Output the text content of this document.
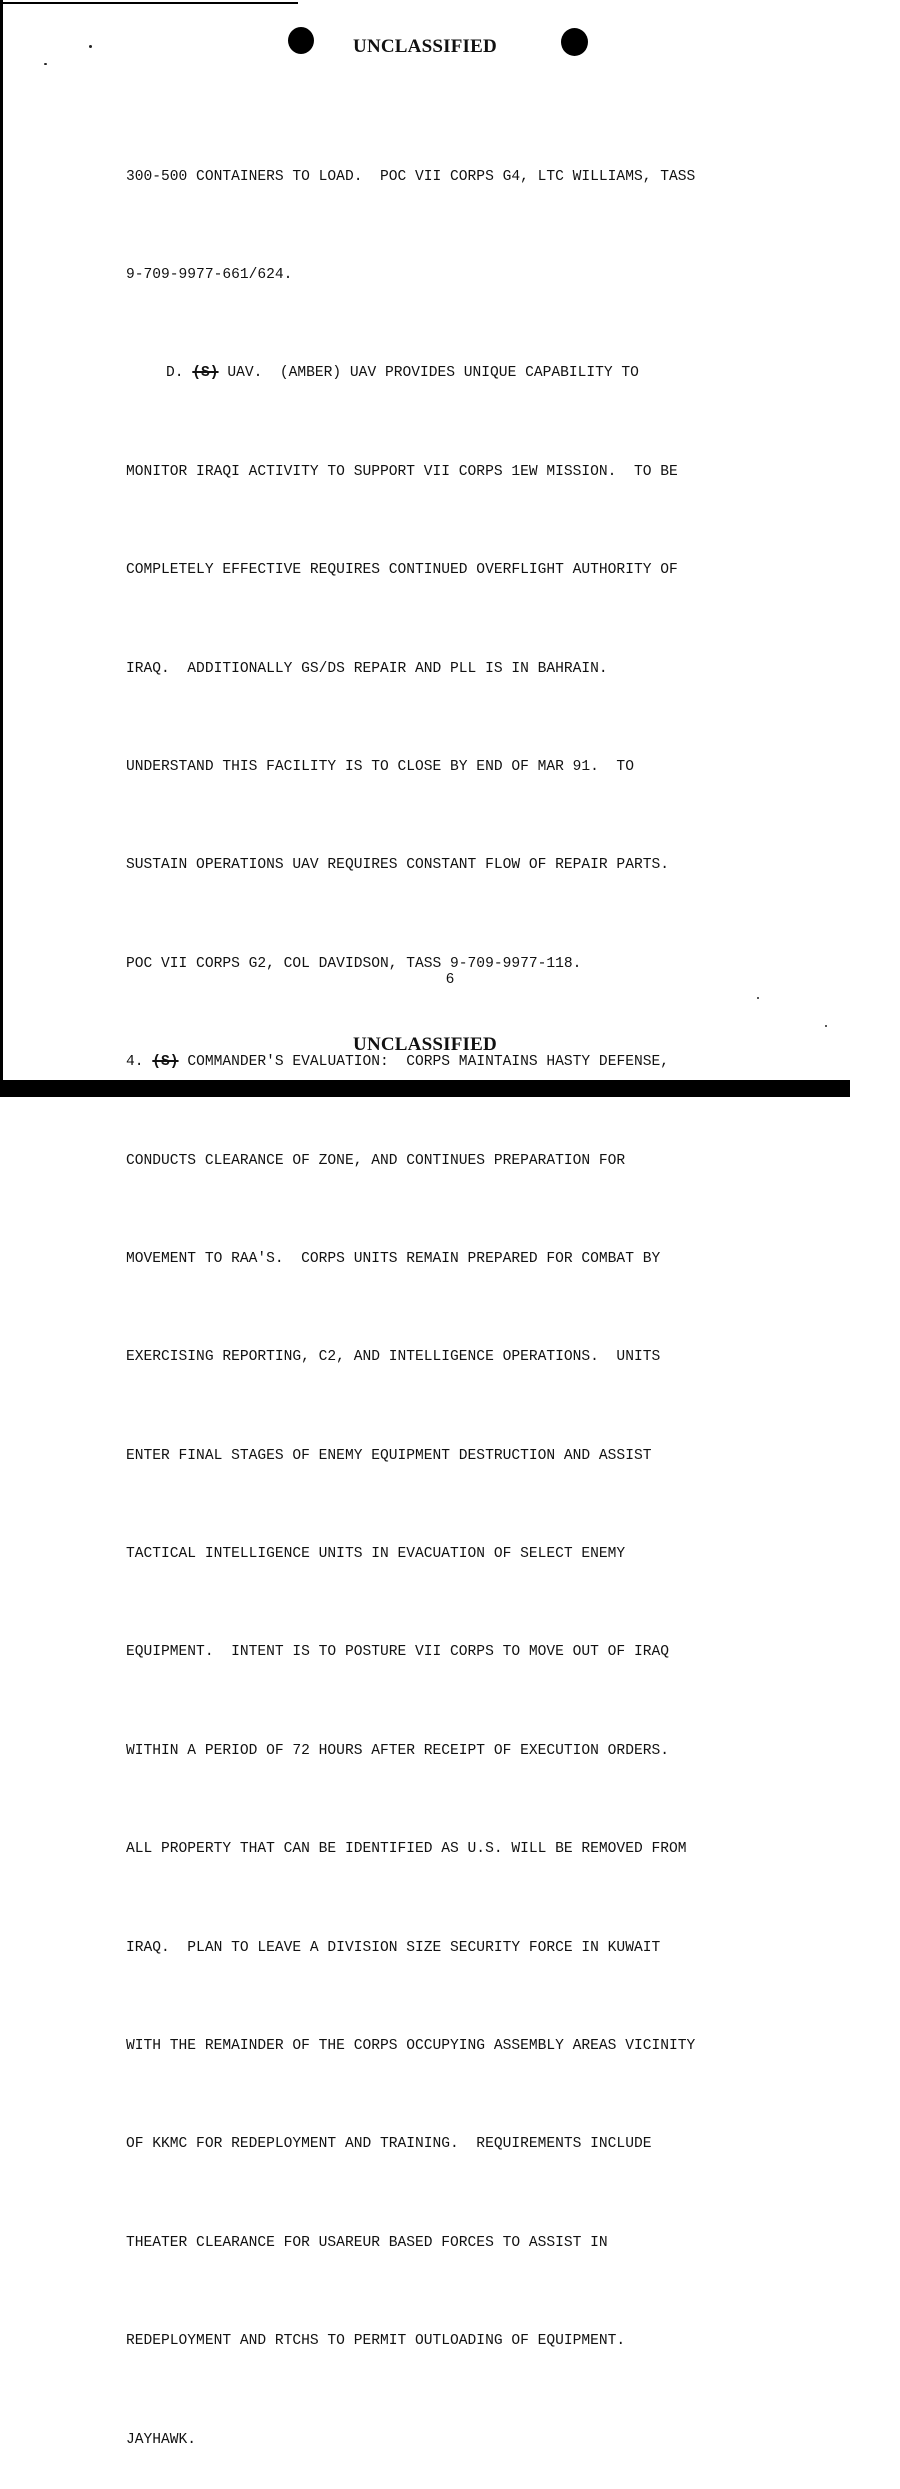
UNCLASSIFIED

300-500 CONTAINERS TO LOAD.  POC VII CORPS G4, LTC WILLIAMS, TASS

9-709-9977-661/624.

D. (S) UAV.  (AMBER) UAV PROVIDES UNIQUE CAPABILITY TO

MONITOR IRAQI ACTIVITY TO SUPPORT VII CORPS 1EW MISSION.  TO BE

COMPLETELY EFFECTIVE REQUIRES CONTINUED OVERFLIGHT AUTHORITY OF

IRAQ.  ADDITIONALLY GS/DS REPAIR AND PLL IS IN BAHRAIN.

UNDERSTAND THIS FACILITY IS TO CLOSE BY END OF MAR 91.  TO

SUSTAIN OPERATIONS UAV REQUIRES CONSTANT FLOW OF REPAIR PARTS.

POC VII CORPS G2, COL DAVIDSON, TASS 9-709-9977-118.

4. (S) COMMANDER'S EVALUATION:  CORPS MAINTAINS HASTY DEFENSE,

CONDUCTS CLEARANCE OF ZONE, AND CONTINUES PREPARATION FOR

MOVEMENT TO RAA'S.  CORPS UNITS REMAIN PREPARED FOR COMBAT BY

EXERCISING REPORTING, C2, AND INTELLIGENCE OPERATIONS.  UNITS

ENTER FINAL STAGES OF ENEMY EQUIPMENT DESTRUCTION AND ASSIST

TACTICAL INTELLIGENCE UNITS IN EVACUATION OF SELECT ENEMY

EQUIPMENT.  INTENT IS TO POSTURE VII CORPS TO MOVE OUT OF IRAQ

WITHIN A PERIOD OF 72 HOURS AFTER RECEIPT OF EXECUTION ORDERS.

ALL PROPERTY THAT CAN BE IDENTIFIED AS U.S. WILL BE REMOVED FROM

IRAQ.  PLAN TO LEAVE A DIVISION SIZE SECURITY FORCE IN KUWAIT

WITH THE REMAINDER OF THE CORPS OCCUPYING ASSEMBLY AREAS VICINITY

OF KKMC FOR REDEPLOYMENT AND TRAINING.  REQUIREMENTS INCLUDE

THEATER CLEARANCE FOR USAREUR BASED FORCES TO ASSIST IN

REDEPLOYMENT AND RTCHS TO PERMIT OUTLOADING OF EQUIPMENT.

JAYHAWK.

6
UNCLASSIFIED
